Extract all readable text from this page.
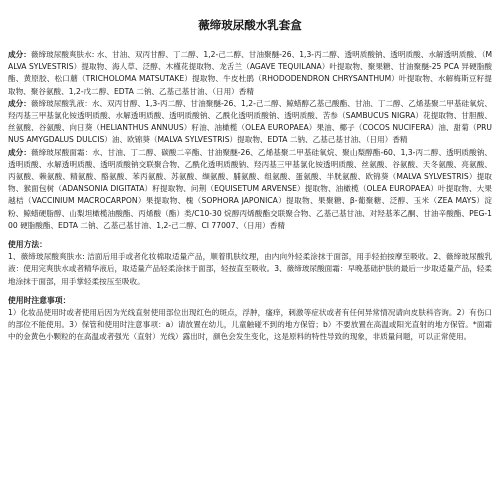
薇缔玻尿酸水乳套盒
成分：薇缔玻尿酸爽肤水: 水、甘油、双丙甘醇、丁二醇、1,2-己二醇、甘油聚醚-26、1,3-丙二醇、透明质酸钠、透明质酸、水解透明质酸、（MALVA SYLVESTRIS）提取物、海人草、泛醇、木槿花提取物、龙舌兰（AGAVE TEQUILANA）叶提取物、聚果糖、甘油聚醚-25 PCA 异硬脂酸酯、黄原胶、松口蘑（TRICHOLOMA MATSUTAKE）提取物、牛皮杜鹃（RHODODENDRON CHRYSANTHUM）叶提取物、水解梅斯豆籽提取物、聚谷氨酸、1,2-戊二醇、EDTA 二钠、乙基己基甘油、（日用）香精
成分：薇缔玻尿酸乳液：水、双丙甘醇、1,3-丙二醇、甘油聚醚-26、1,2-己二醇、鲸蜡醇乙基己酸酯、甘油、丁二醇、乙烯基聚二甲基硅氧烷、羟丙基三甲基氯化铵透明质酸、水解透明质酸、透明质酸钠、乙酰化透明质酸钠、透明质酸、苦参（SAMBUCUS NIGRA）花提取物、甘胆酸、丝氨酸、谷氨酸、向日葵（HELIANTHUS ANNUUS）籽油、油橄榄（OLEA EUROPAEA）果油、椰子（COCOS NUCIFERA）油、甜菊（PRUNUS AMYGDALUS DULCIS）油、欧锦葵（MALVA SYLVESTRIS）提取物、EDTA 二钠、乙基己基甘油、（日用）香精
成分：薇缔玻尿酸面霜：水、甘油、丁二醇、碳酸二辛酯、甘油聚醚-26、乙烯基聚二甲基硅氧烷、聚山梨醇酯-60、1,3-丙二醇、透明质酸钠、透明质酸、水解透明质酸、透明质酸钠交联聚合物、乙酰化透明质酸钠、羟丙基三甲基氯化铵透明质酸、丝氨酸、谷氨酸、天冬氨酸、亮氨酸、丙氨酸、赖氨酸、精氨酸、酪氨酸、苯丙氨酸、苏氨酸、缬氨酸、脯氨酸、组氨酸、蛋氨酸、半胱氨酸、欧锦葵（MALVA SYLVESTRIS）提取物、猴面包树（ADANSONIA DIGITATA）籽提取物、问荆（EQUISETUM ARVENSE）提取物、油橄榄（OLEA EUROPAEA）叶提取物、大果越桔（VACCINIUM MACROCARPON）果提取物、槐（SOPHORA JAPONICA）提取物、果聚糖、β-葡聚糖、泛醇、玉米（ZEA MAYS）淀粉、鲸蜡硬脂醇、山梨坦橄榄油酸酯、丙烯酸（酯）类/C10-30 烷醇丙烯酸酯交联聚合物、乙基己基甘油、对羟基苯乙酮、甘油辛酸酯、PEG-100 硬脂酸酯、EDTA 二钠、乙基己基甘油、1,2-己二醇、CI 77007、（日用）香精
使用方法：
1、薇缔玻尿酸爽肤水: 洁面后用手或者化妆棉取适量产品，顺着肌肤纹理，由内向外轻柔涂抹于面部，用手轻拍按摩至吸收。2、薇缔玻尿酸乳液：使用完爽肤水或者精华液后，取适量产品轻柔涂抹于面部，轻按直至吸收。3、薇缔玻尿酸面霜：早晚基础护肤的最后一步取适量产品，轻柔地涂抹于面部，用手掌轻柔按压至吸收。
使用时注意事项：
1）化妆品使用时或者使用后因为光线直射使用部位出现红色的斑点，浮肿，瘙痒，刺激等症状或者有任何异常情况请向皮肤科咨询。2）有伤口的部位不能使用。3）保管和使用时注意事项：a）请放置在幼儿，儿童触碰不到的地方保管；b）不要放置在高温或阳光直射的地方保管。*面霜中的金黄色小颗粒的在高温或者强光（直射）光线）露出时，颜色会发生变化，这是原料的特性导致的现象，非质量问题，可以正常使用。
